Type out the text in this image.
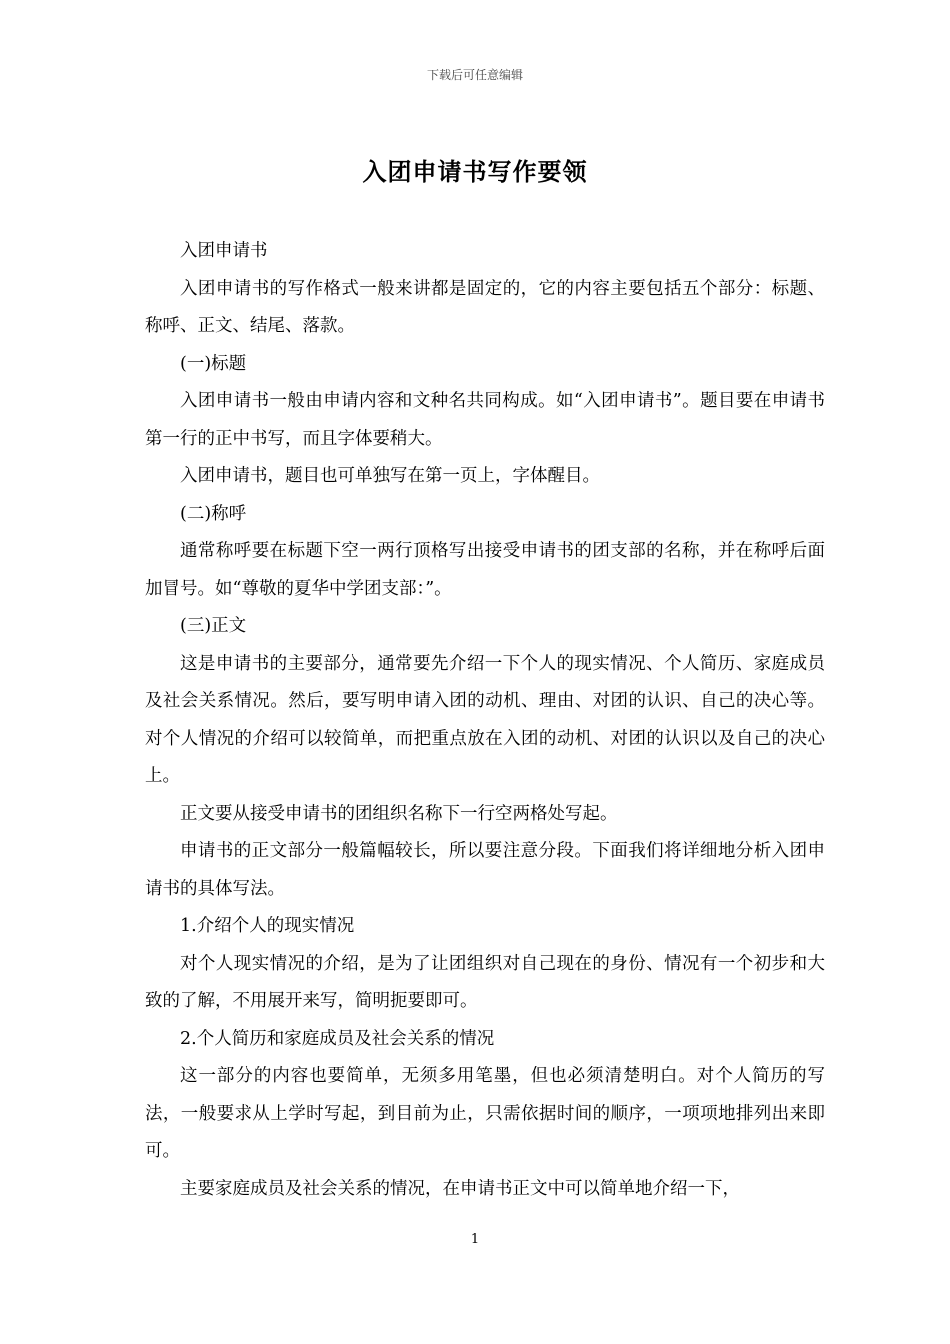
下载后可任意编辑
入团申请书写作要领

入团申请书

入团申请书的写作格式一般来讲都是固定的，它的内容主要包括五个部分：标题、称呼、正文、结尾、落款。

(一)标题

入团申请书一般由申请内容和文种名共同构成。如“入团申请书”。题目要在申请书第一行的正中书写，而且字体要稍大。

入团申请书，题目也可单独写在第一页上，字体醒目。

(二)称呼

通常称呼要在标题下空一两行顶格写出接受申请书的团支部的名称，并在称呼后面加冒号。如“尊敬的夏华中学团支部：”。

(三)正文

这是申请书的主要部分，通常要先介绍一下个人的现实情况、个人简历、家庭成员及社会关系情况。然后，要写明申请入团的动机、理由、对团的认识、自己的决心等。对个人情况的介绍可以较简单，而把重点放在入团的动机、对团的认识以及自己的决心上。

正文要从接受申请书的团组织名称下一行空两格处写起。

申请书的正文部分一般篇幅较长，所以要注意分段。下面我们将详细地分析入团申请书的具体写法。

1.介绍个人的现实情况

对个人现实情况的介绍，是为了让团组织对自己现在的身份、情况有一个初步和大致的了解，不用展开来写，简明扼要即可。

2.个人简历和家庭成员及社会关系的情况

这一部分的内容也要简单，无须多用笔墨，但也必须清楚明白。对个人简历的写法，一般要求从上学时写起，到目前为止，只需依据时间的顺序，一项项地排列出来即可。

主要家庭成员及社会关系的情况，在申请书正文中可以简单地介绍一下，

1
